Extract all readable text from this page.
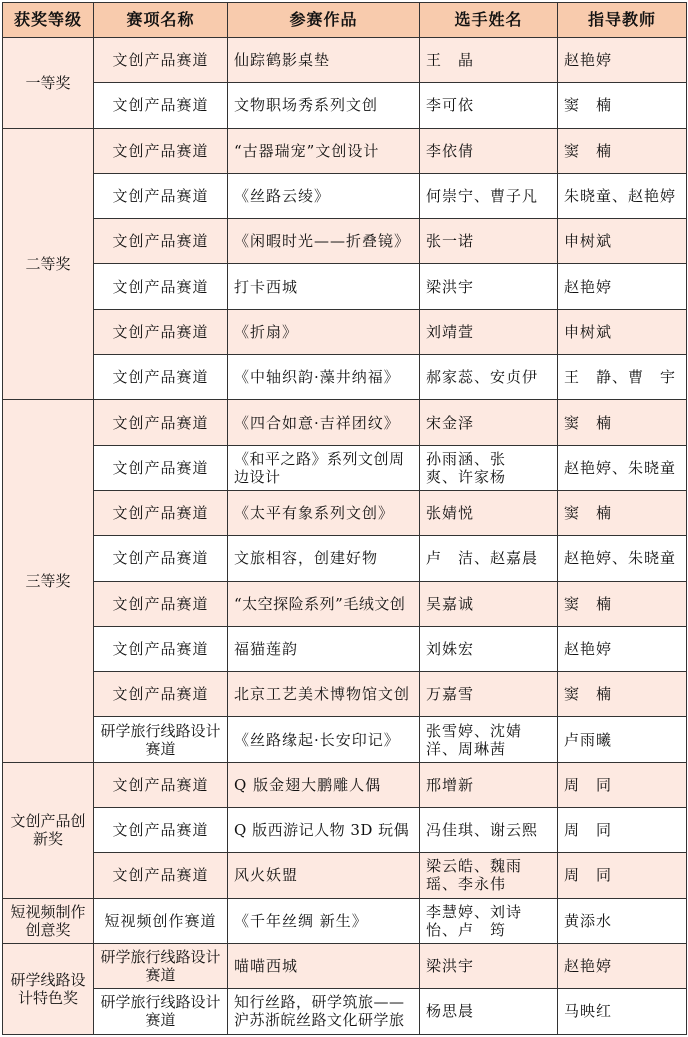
获奖等级	赛项名称	参赛作品	选手姓名	指导教师
一等奖	文创产品赛道	仙踪鹤影桌垫	王　晶	赵艳婷
	文创产品赛道	文物职场秀系列文创	李可依	窦　楠
二等奖	文创产品赛道	“古器瑞宠”文创设计	李依倩	窦　楠
	文创产品赛道	《丝路云绫》	何崇宁、曹子凡	朱晓童、赵艳婷
	文创产品赛道	《闲暇时光——折叠镜》	张一诺	申树斌
	文创产品赛道	打卡西城	梁洪宇	赵艳婷
	文创产品赛道	《折扇》	刘靖萱	申树斌
	文创产品赛道	《中轴织韵·藻井纳福》	郝家蕊、安贞伊	王　静、曹　宇
三等奖	文创产品赛道	《四合如意·吉祥团纹》	宋金泽	窦　楠
	文创产品赛道	《和平之路》系列文创周边设计	孙雨涵、张　爽、许家杨	赵艳婷、朱晓童
	文创产品赛道	《太平有象系列文创》	张婧悦	窦　楠
	文创产品赛道	文旅相容，创建好物	卢　洁、赵嘉晨	赵艳婷、朱晓童
	文创产品赛道	“太空探险系列”毛绒文创	吴嘉诚	窦　楠
	文创产品赛道	福猫莲韵	刘姝宏	赵艳婷
	文创产品赛道	北京工艺美术博物馆文创	万嘉雪	窦　楠
	研学旅行线路设计赛道	《丝路缘起·长安印记》	张雪婷、沈婧洋、周琳茜	卢雨曦
文创产品创新奖	文创产品赛道	Q 版金翅大鹏雕人偶	邢增新	周　同
	文创产品赛道	Q 版西游记人物 3D 玩偶	冯佳琪、谢云熙	周　同
	文创产品赛道	风火妖盟	梁云皓、魏雨瑶、李永伟	周　同
短视频制作创意奖	短视频创作赛道	《千年丝绸 新生》	李慧婷、刘诗怡、卢　筠	黄添水
研学线路设计特色奖	研学旅行线路设计赛道	喵喵西城	梁洪宇	赵艳婷
	研学旅行线路设计赛道	知行丝路，研学筑旅——沪苏浙皖丝路文化研学旅	杨思晨	马映红
